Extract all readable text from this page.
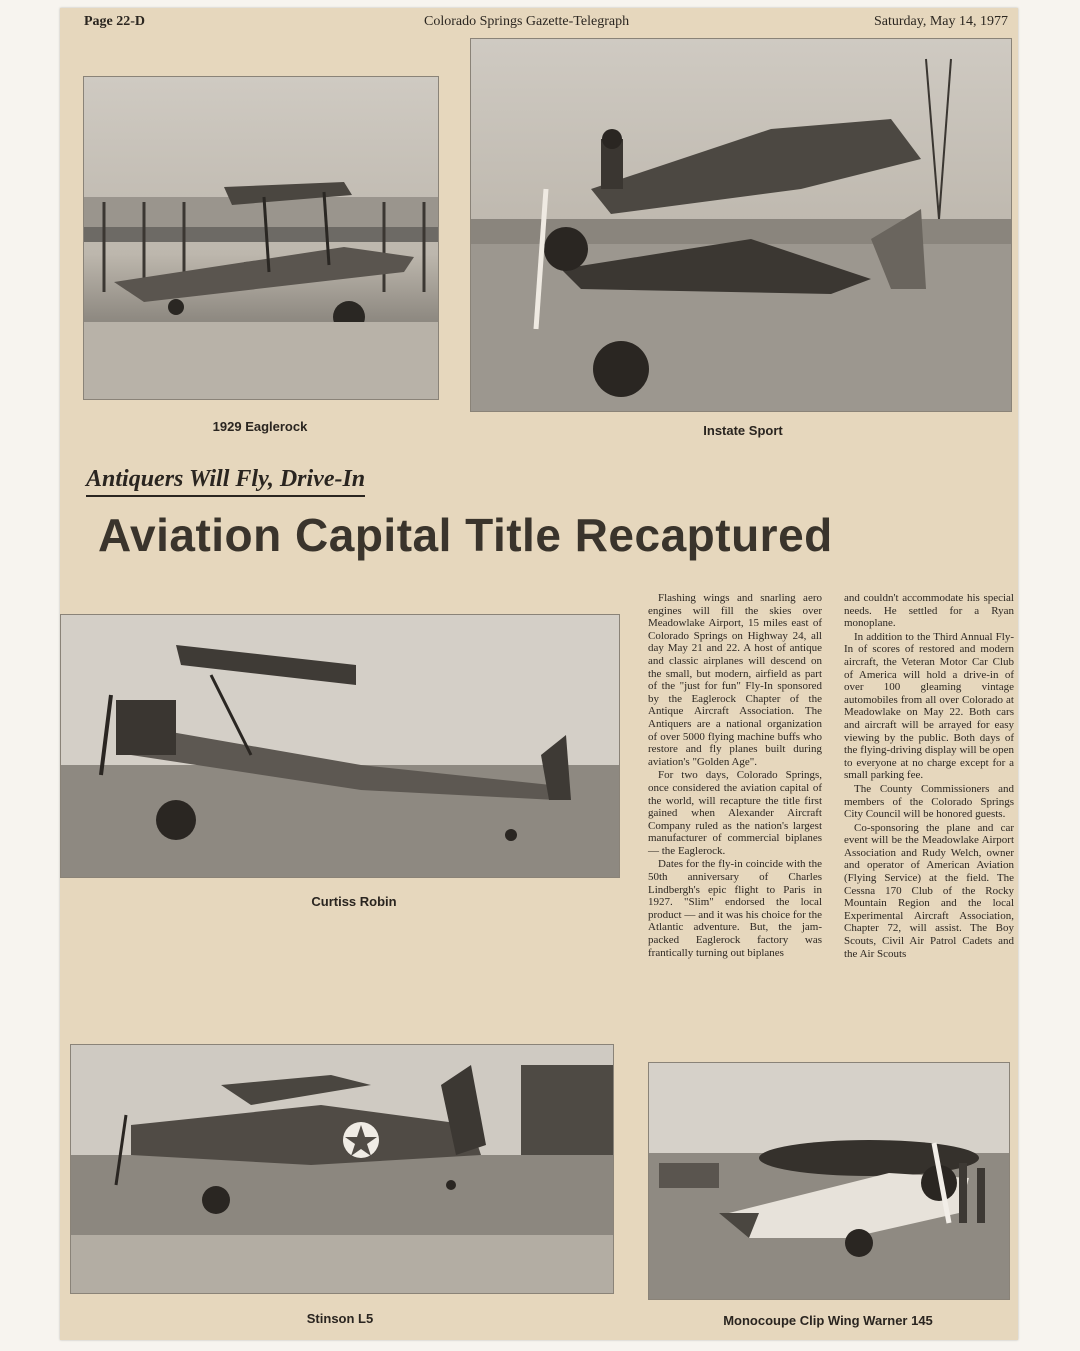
Page 22-D	Colorado Springs Gazette-Telegraph	Saturday, May 14, 1977
1929 Eaglerock	Instate Sport
Antiquers Will Fly, Drive-In
Aviation Capital Title Recaptured
Curtiss Robin
Stinson L5	Monocoupe Clip Wing Warner 145

Flashing wings and snarling aero engines will fill the skies over Meadowlake Airport, 15 miles east of Colorado Springs on Highway 24, all day May 21 and 22. A host of antique and classic airplanes will descend on the small, but modern, airfield as part of the "just for fun" Fly-In sponsored by the Eaglerock Chapter of the Antique Aircraft Association. The Antiquers are a national organization of over 5000 flying machine buffs who restore and fly planes built during aviation's "Golden Age".

For two days, Colorado Springs, once considered the aviation capital of the world, will recapture the title first gained when Alexander Aircraft Company ruled as the nation's largest manufacturer of commercial biplanes — the Eaglerock.

Dates for the fly-in coincide with the 50th anniversary of Charles Lindbergh's epic flight to Paris in 1927. "Slim" endorsed the local product — and it was his choice for the Atlantic adventure. But, the jam-packed Eaglerock factory was frantically turning out biplanes

and couldn't accommodate his special needs. He settled for a Ryan monoplane.

In addition to the Third Annual Fly-In of scores of restored and modern aircraft, the Veteran Motor Car Club of America will hold a drive-in of over 100 gleaming vintage automobiles from all over Colorado at Meadowlake on May 22. Both cars and aircraft will be arrayed for easy viewing by the public. Both days of the flying-driving display will be open to everyone at no charge except for a small parking fee.

The County Commissioners and members of the Colorado Springs City Council will be honored guests.

Co-sponsoring the plane and car event will be the Meadowlake Airport Association and Rudy Welch, owner and operator of American Aviation (Flying Service) at the field. The Cessna 170 Club of the Rocky Mountain Region and the local Experimental Aircraft Association, Chapter 72, will assist. The Boy Scouts, Civil Air Patrol Cadets and the Air Scouts
